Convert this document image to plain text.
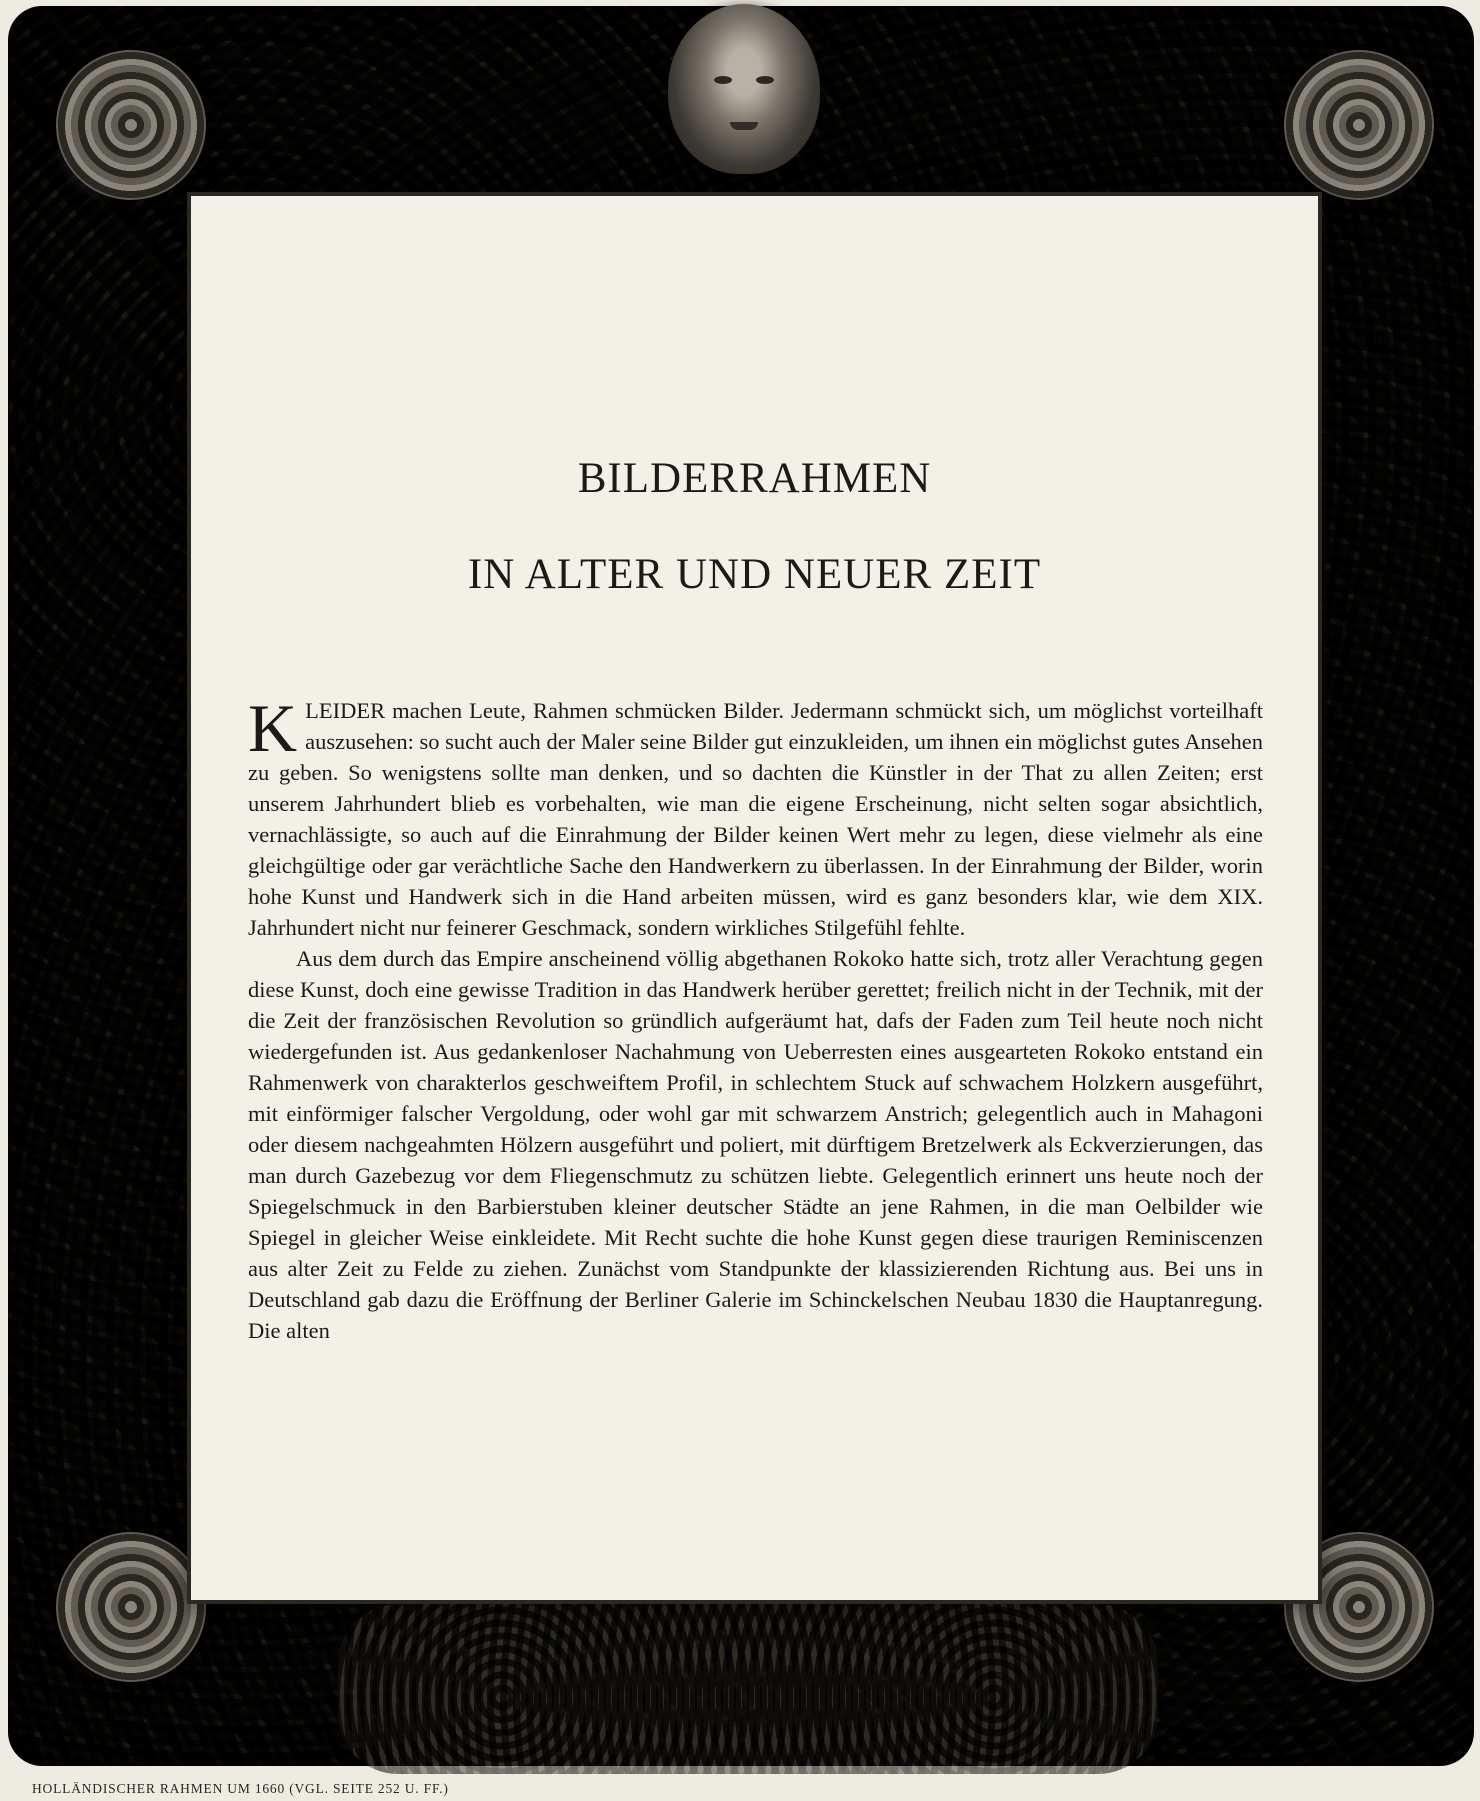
BILDERRAHMEN
IN ALTER UND NEUER ZEIT

KLEIDER machen Leute, Rahmen schmücken Bilder. Jedermann schmückt sich, um möglichst vorteilhaft auszusehen: so sucht auch der Maler seine Bilder gut einzukleiden, um ihnen ein möglichst gutes Ansehen zu geben. So wenigstens sollte man denken, und so dachten die Künstler in der That zu allen Zeiten; erst unserem Jahrhundert blieb es vorbehalten, wie man die eigene Erscheinung, nicht selten sogar absichtlich, vernachlässigte, so auch auf die Einrahmung der Bilder keinen Wert mehr zu legen, diese vielmehr als eine gleichgültige oder gar verächtliche Sache den Handwerkern zu überlassen. In der Einrahmung der Bilder, worin hohe Kunst und Handwerk sich in die Hand arbeiten müssen, wird es ganz besonders klar, wie dem XIX. Jahrhundert nicht nur feinerer Geschmack, sondern wirkliches Stilgefühl fehlte.

Aus dem durch das Empire anscheinend völlig abgethanen Rokoko hatte sich, trotz aller Verachtung gegen diese Kunst, doch eine gewisse Tradition in das Handwerk herüber gerettet; freilich nicht in der Technik, mit der die Zeit der französischen Revolution so gründlich aufgeräumt hat, dafs der Faden zum Teil heute noch nicht wiedergefunden ist. Aus gedankenloser Nachahmung von Ueberresten eines ausgearteten Rokoko entstand ein Rahmenwerk von charakterlos geschweiftem Profil, in schlechtem Stuck auf schwachem Holzkern ausgeführt, mit einförmiger falscher Vergoldung, oder wohl gar mit schwarzem Anstrich; gelegentlich auch in Mahagoni oder diesem nachgeahmten Hölzern ausgeführt und poliert, mit dürftigem Bretzelwerk als Eckverzierungen, das man durch Gazebezug vor dem Fliegenschmutz zu schützen liebte. Gelegentlich erinnert uns heute noch der Spiegelschmuck in den Barbierstuben kleiner deutscher Städte an jene Rahmen, in die man Oelbilder wie Spiegel in gleicher Weise einkleidete. Mit Recht suchte die hohe Kunst gegen diese traurigen Reminiscenzen aus alter Zeit zu Felde zu ziehen. Zunächst vom Standpunkte der klassizierenden Richtung aus. Bei uns in Deutschland gab dazu die Eröffnung der Berliner Galerie im Schinckelschen Neubau 1830 die Hauptanregung. Die alten

HOLLÄNDISCHER RAHMEN UM 1660 (VGL. SEITE 252 U. FF.)
